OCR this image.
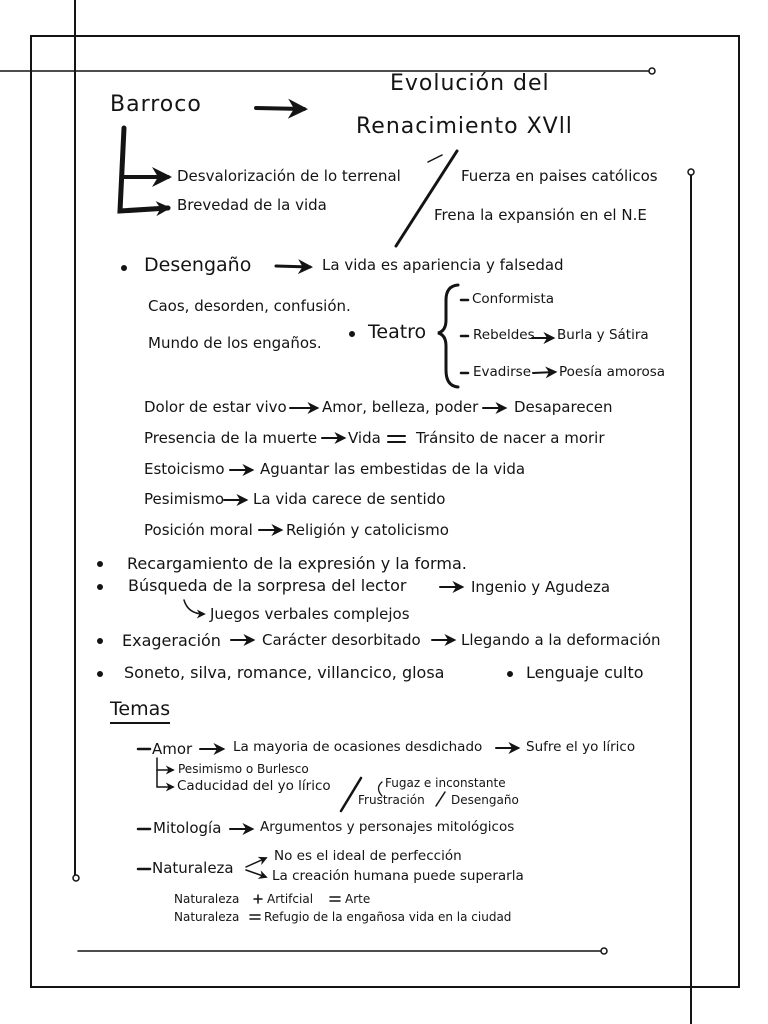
Barroco
Evolución del
Renacimiento XVll
Desvalorización de lo terrenal
Brevedad de la vida
Fuerza en paises católicos
Frena la expansión en el N.E
Desengaño	La vida es apariencia y falsedad
Caos, desorden, confusión.
Mundo de los engaños. Teatro
Conformista
Rebeldes Burla y Sátira
Evadirse Poesía amorosa
Dolor de estar vivo Amor, belleza, poder Desaparecen
Presencia de la muerte Vida Tránsito de nacer a morir
Estoicismo Aguantar las embestidas de la vida
Pesimismo La vida carece de sentido
Posición moral Religión y catolicismo
Recargamiento de la expresión y la forma.
Búsqueda de la sorpresa del lector	Ingenio y Agudeza
Juegos verbales complejos
Exageración	Carácter desorbitado	Llegando a la deformación
Soneto, silva, romance, villancico, glosa	Lenguaje culto
Temas
Amor	La mayoria de ocasiones desdichado	Sufre el yo lírico
Pesimismo o Burlesco
Caducidad del yo lírico	Fugaz e inconstante
Frustración Desengaño
Mitología	Argumentos y personajes mitológicos
Naturaleza
No es el ideal de perfección
La creación humana puede superarla
Naturaleza Artifcial	Arte
Naturaleza Refugio de la engañosa vida en la ciudad
